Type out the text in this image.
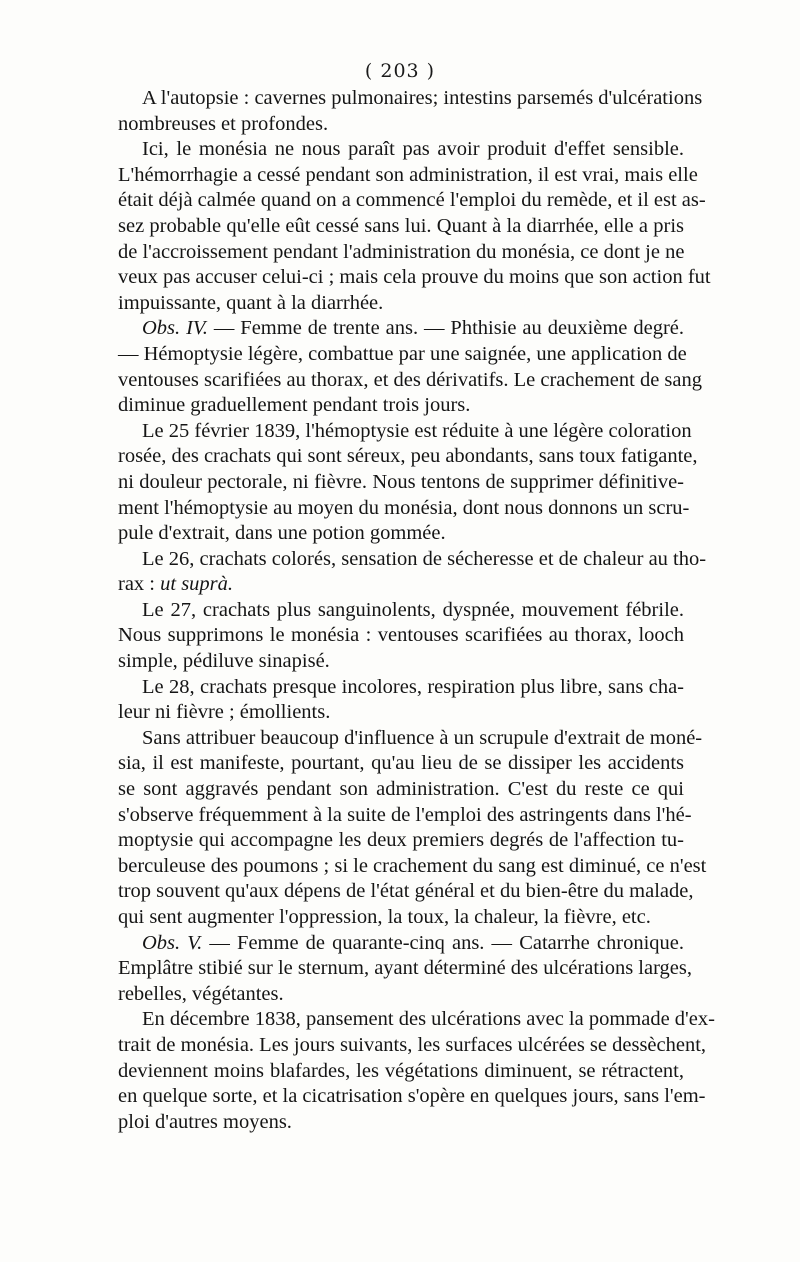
( 203 )
A l'autopsie : cavernes pulmonaires; intestins parsemés d'ulcérations
nombreuses et profondes.
Ici, le monésia ne nous paraît pas avoir produit d'effet sensible.
L'hémorrhagie a cessé pendant son administration, il est vrai, mais elle
était déjà calmée quand on a commencé l'emploi du remède, et il est as-
sez probable qu'elle eût cessé sans lui. Quant à la diarrhée, elle a pris
de l'accroissement pendant l'administration du monésia, ce dont je ne
veux pas accuser celui-ci ; mais cela prouve du moins que son action fut
impuissante, quant à la diarrhée.
Obs. IV. — Femme de trente ans. — Phthisie au deuxième degré.
— Hémoptysie légère, combattue par une saignée, une application de
ventouses scarifiées au thorax, et des dérivatifs. Le crachement de sang
diminue graduellement pendant trois jours.
Le 25 février 1839, l'hémoptysie est réduite à une légère coloration
rosée, des crachats qui sont séreux, peu abondants, sans toux fatigante,
ni douleur pectorale, ni fièvre. Nous tentons de supprimer définitive-
ment l'hémoptysie au moyen du monésia, dont nous donnons un scru-
pule d'extrait, dans une potion gommée.
Le 26, crachats colorés, sensation de sécheresse et de chaleur au tho-
rax : ut suprà.
Le 27, crachats plus sanguinolents, dyspnée, mouvement fébrile.
Nous supprimons le monésia : ventouses scarifiées au thorax, looch
simple, pédiluve sinapisé.
Le 28, crachats presque incolores, respiration plus libre, sans cha-
leur ni fièvre ; émollients.
Sans attribuer beaucoup d'influence à un scrupule d'extrait de moné-
sia, il est manifeste, pourtant, qu'au lieu de se dissiper les accidents
se sont aggravés pendant son administration. C'est du reste ce qui
s'observe fréquemment à la suite de l'emploi des astringents dans l'hé-
moptysie qui accompagne les deux premiers degrés de l'affection tu-
berculeuse des poumons ; si le crachement du sang est diminué, ce n'est
trop souvent qu'aux dépens de l'état général et du bien-être du malade,
qui sent augmenter l'oppression, la toux, la chaleur, la fièvre, etc.
Obs. V. — Femme de quarante-cinq ans. — Catarrhe chronique.
Emplâtre stibié sur le sternum, ayant déterminé des ulcérations larges,
rebelles, végétantes.
En décembre 1838, pansement des ulcérations avec la pommade d'ex-
trait de monésia. Les jours suivants, les surfaces ulcérées se dessèchent,
deviennent moins blafardes, les végétations diminuent, se rétractent,
en quelque sorte, et la cicatrisation s'opère en quelques jours, sans l'em-
ploi d'autres moyens.
